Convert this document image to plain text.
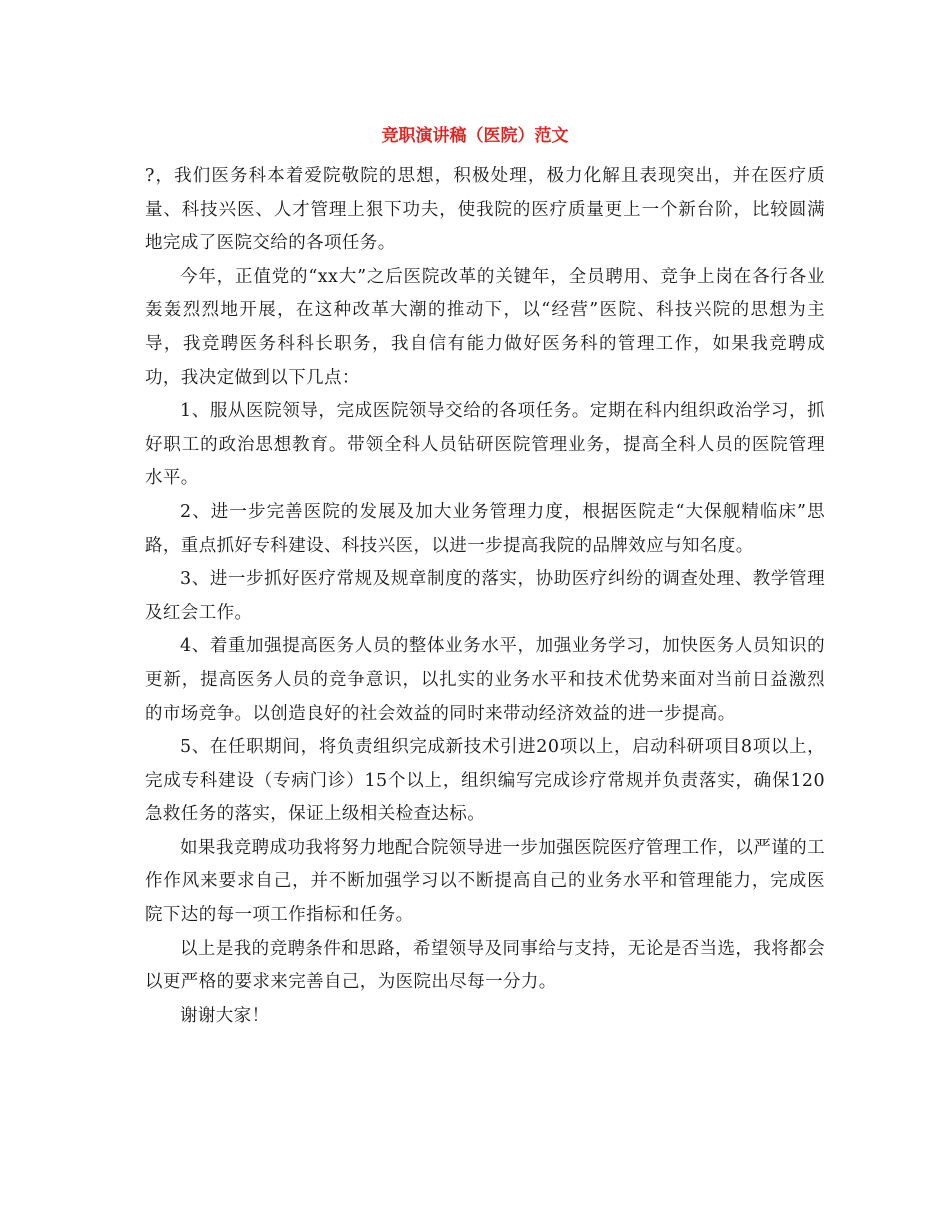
竞职演讲稿（医院）范文

?，我们医务科本着爱院敬院的思想，积极处理，极力化解且表现突出，并在医疗质量、科技兴医、人才管理上狠下功夫，使我院的医疗质量更上一个新台阶，比较圆满地完成了医院交给的各项任务。

今年，正值党的“xx大”之后医院改革的关键年，全员聘用、竞争上岗在各行各业轰轰烈烈地开展，在这种改革大潮的推动下，以“经营”医院、科技兴院的思想为主导，我竞聘医务科科长职务，我自信有能力做好医务科的管理工作，如果我竞聘成功，我决定做到以下几点：

1、服从医院领导，完成医院领导交给的各项任务。定期在科内组织政治学习，抓好职工的政治思想教育。带领全科人员钻研医院管理业务，提高全科人员的医院管理水平。

2、进一步完善医院的发展及加大业务管理力度，根据医院走“大保舰精临床”思路，重点抓好专科建设、科技兴医，以进一步提高我院的品牌效应与知名度。

3、进一步抓好医疗常规及规章制度的落实，协助医疗纠纷的调查处理、教学管理及红会工作。

4、着重加强提高医务人员的整体业务水平，加强业务学习，加快医务人员知识的更新，提高医务人员的竞争意识，以扎实的业务水平和技术优势来面对当前日益激烈的市场竞争。以创造良好的社会效益的同时来带动经济效益的进一步提高。

5、在任职期间，将负责组织完成新技术引进20项以上，启动科研项目8项以上，完成专科建设（专病门诊）15个以上，组织编写完成诊疗常规并负责落实，确保120急救任务的落实，保证上级相关检查达标。

如果我竞聘成功我将努力地配合院领导进一步加强医院医疗管理工作，以严谨的工作作风来要求自己，并不断加强学习以不断提高自己的业务水平和管理能力，完成医院下达的每一项工作指标和任务。

以上是我的竞聘条件和思路，希望领导及同事给与支持，无论是否当选，我将都会以更严格的要求来完善自己，为医院出尽每一分力。

谢谢大家！
